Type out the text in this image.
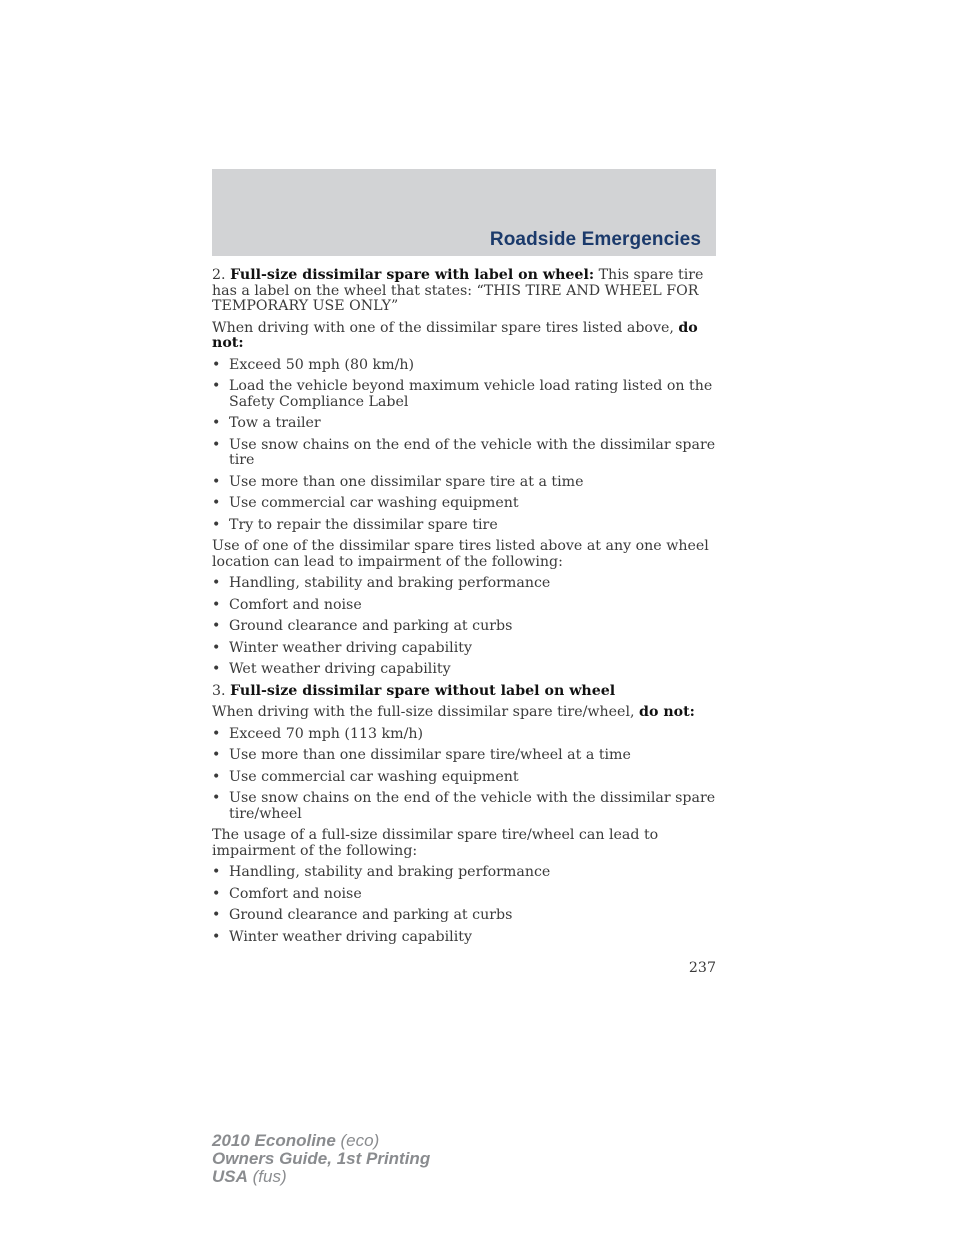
Roadside Emergencies

2. Full-size dissimilar spare with label on wheel: This spare tire has a label on the wheel that states: “THIS TIRE AND WHEEL FOR TEMPORARY USE ONLY”

When driving with one of the dissimilar spare tires listed above, do not:

• Exceed 50 mph (80 km/h)
• Load the vehicle beyond maximum vehicle load rating listed on the Safety Compliance Label
• Tow a trailer
• Use snow chains on the end of the vehicle with the dissimilar spare tire
• Use more than one dissimilar spare tire at a time
• Use commercial car washing equipment
• Try to repair the dissimilar spare tire

Use of one of the dissimilar spare tires listed above at any one wheel location can lead to impairment of the following:

• Handling, stability and braking performance
• Comfort and noise
• Ground clearance and parking at curbs
• Winter weather driving capability
• Wet weather driving capability

3. Full-size dissimilar spare without label on wheel

When driving with the full-size dissimilar spare tire/wheel, do not:

• Exceed 70 mph (113 km/h)
• Use more than one dissimilar spare tire/wheel at a time
• Use commercial car washing equipment
• Use snow chains on the end of the vehicle with the dissimilar spare tire/wheel

The usage of a full-size dissimilar spare tire/wheel can lead to impairment of the following:

• Handling, stability and braking performance
• Comfort and noise
• Ground clearance and parking at curbs
• Winter weather driving capability
237
2010 Econoline (eco)
Owners Guide, 1st Printing
USA (fus)
